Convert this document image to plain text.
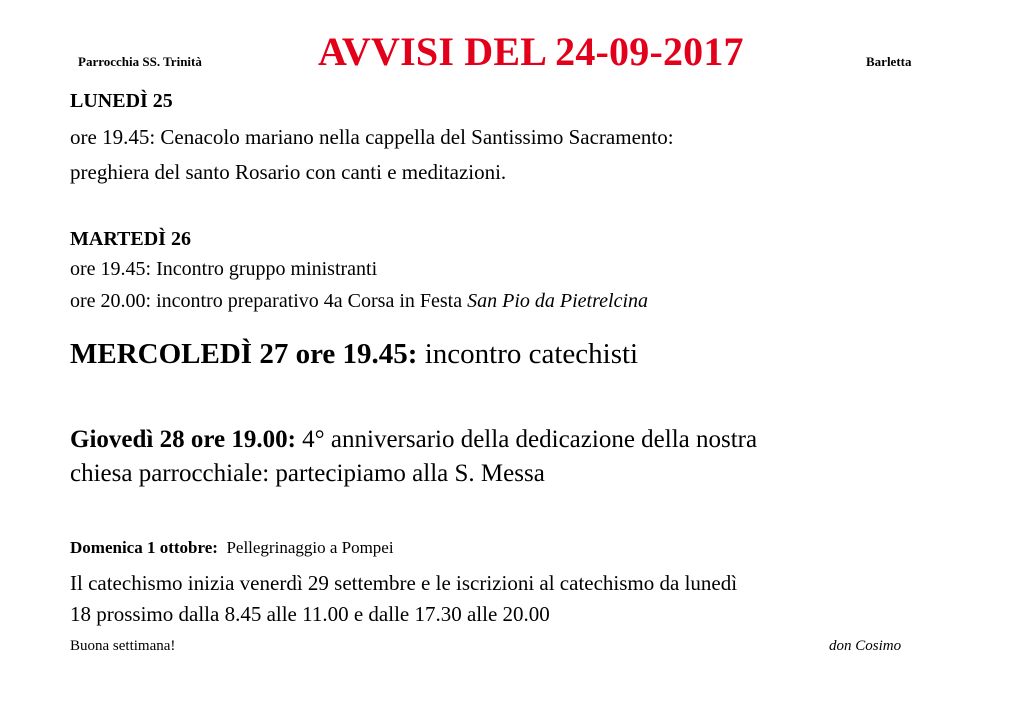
Parrocchia SS. Trinità	AVVISI DEL 24-09-2017	Barletta
LUNEDÌ 25
ore 19.45: Cenacolo mariano nella cappella del Santissimo Sacramento:
preghiera del santo Rosario con canti e meditazioni.
MARTEDÌ 26
ore 19.45: Incontro gruppo ministranti
ore 20.00: incontro preparativo 4a Corsa in Festa San Pio da Pietrelcina
MERCOLEDÌ 27 ore 19.45: incontro catechisti
Giovedì 28 ore 19.00: 4° anniversario della dedicazione della nostra
chiesa parrocchiale: partecipiamo alla S. Messa
Domenica 1 ottobre:  Pellegrinaggio a Pompei
Il catechismo inizia venerdì 29 settembre e le iscrizioni al catechismo da lunedì
18 prossimo dalla 8.45 alle 11.00 e dalle 17.30 alle 20.00
Buona settimana!	don Cosimo
